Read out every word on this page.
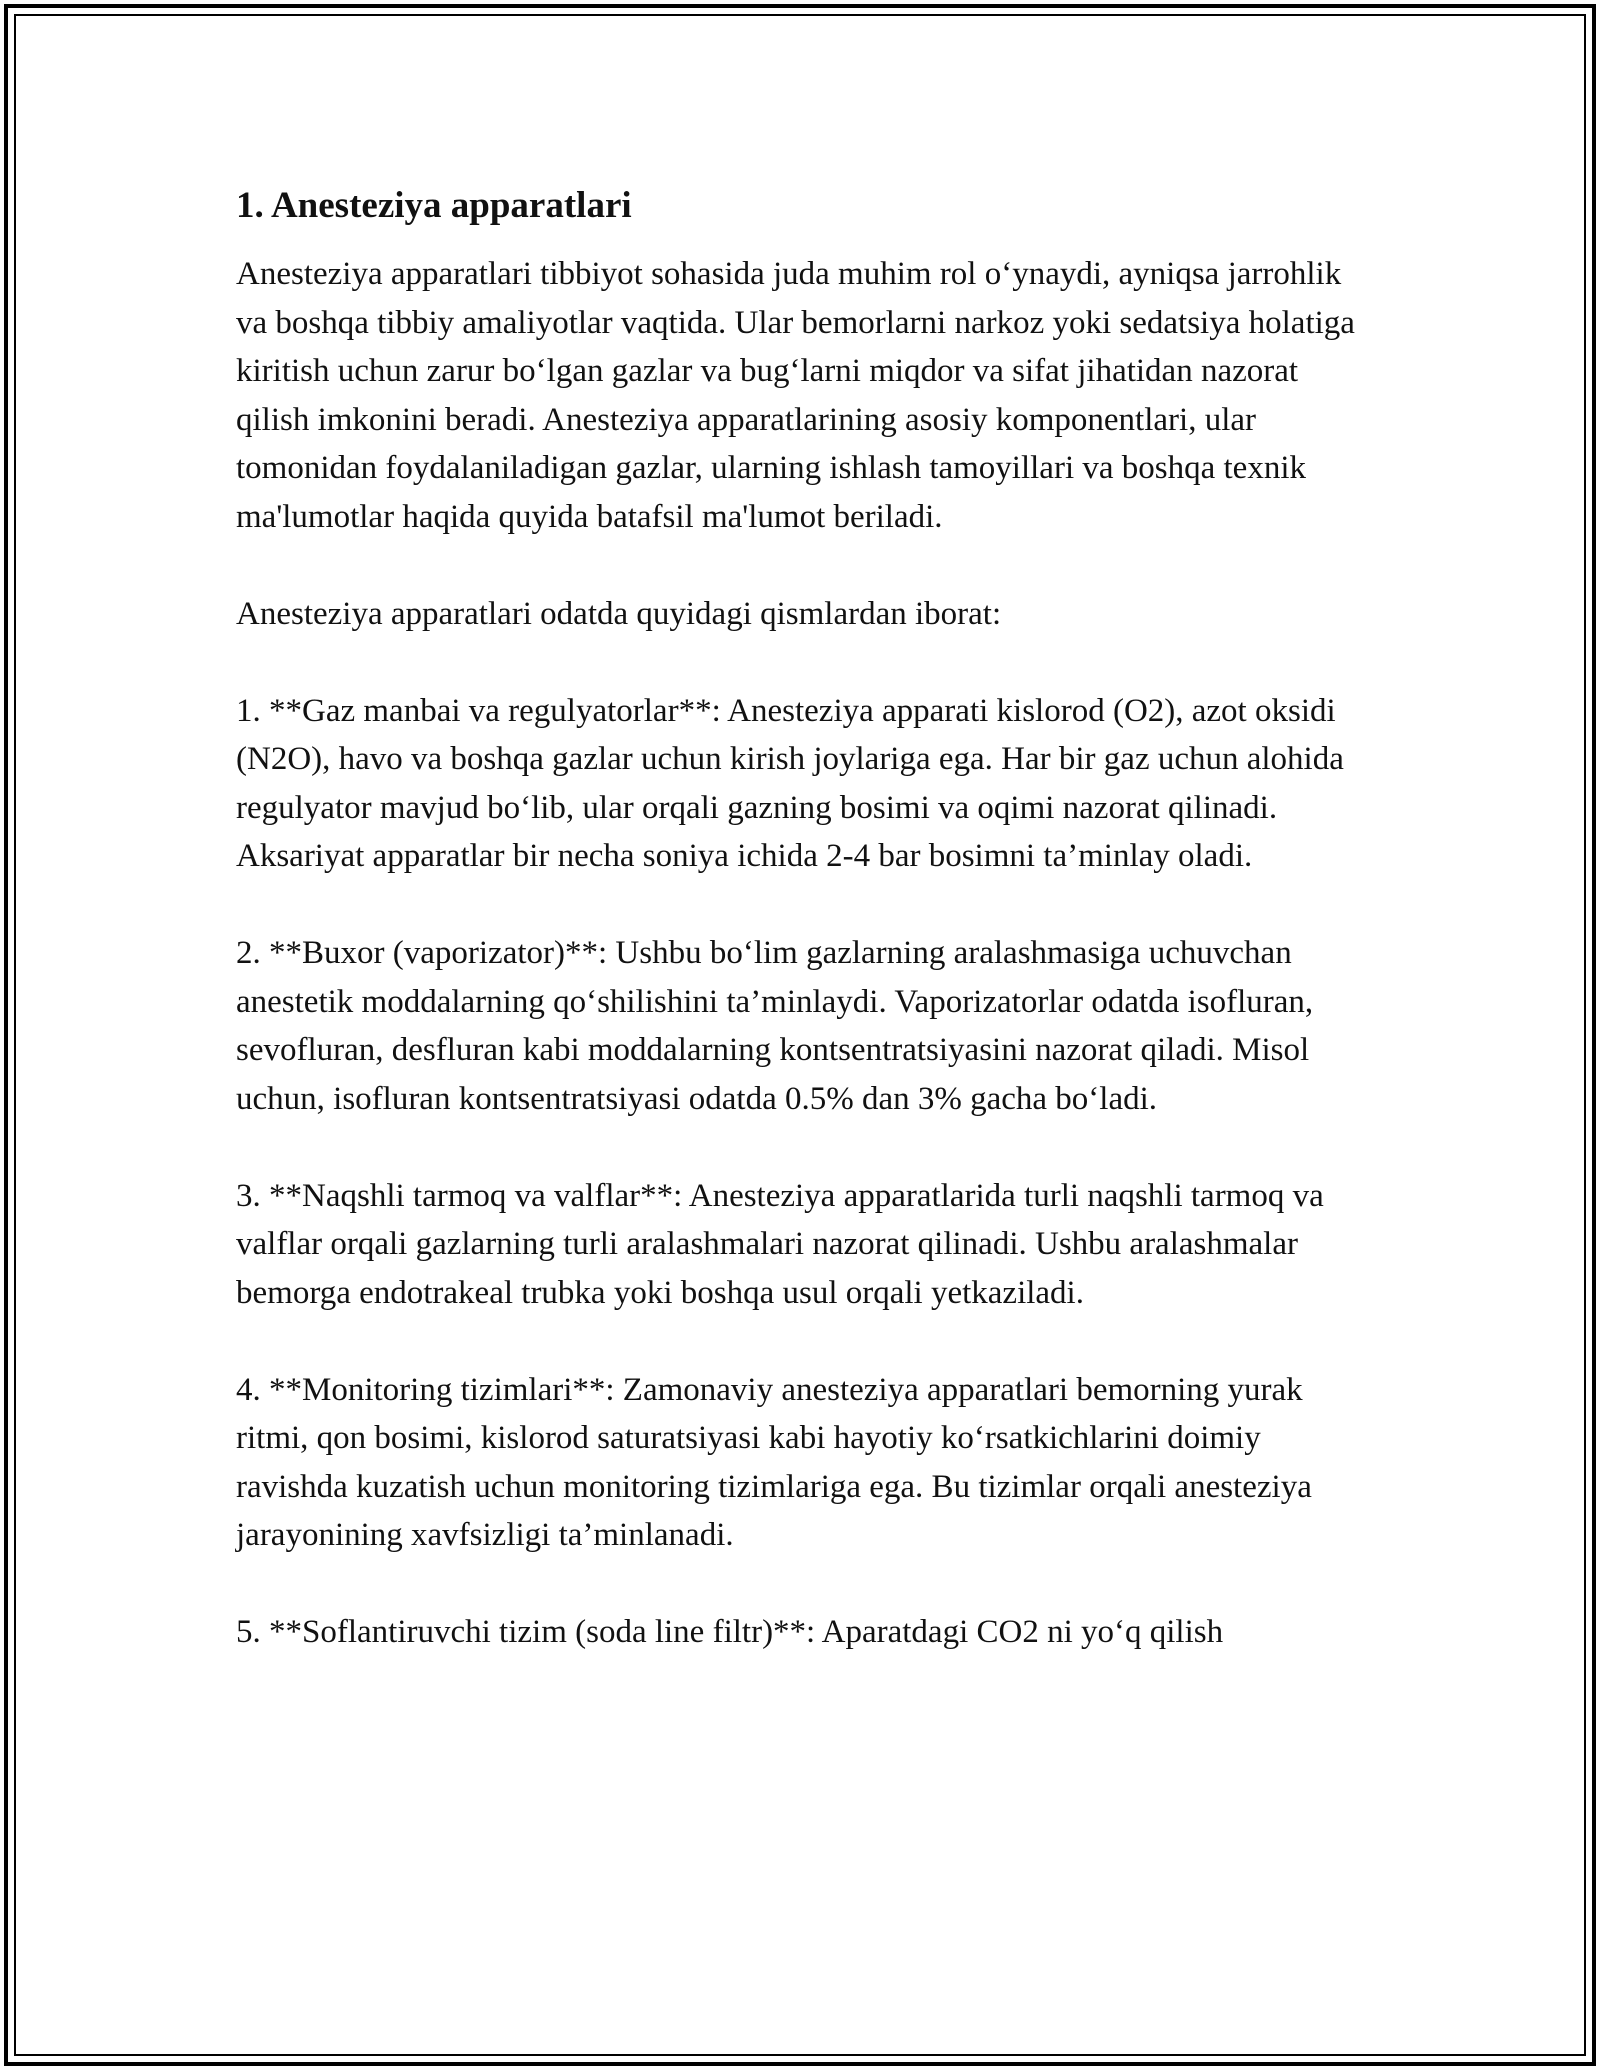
1. Anesteziya apparatlari

Anesteziya apparatlari tibbiyot sohasida juda muhim rol o‘ynaydi, ayniqsa jarrohlik va boshqa tibbiy amaliyotlar vaqtida. Ular bemorlarni narkoz yoki sedatsiya holatiga kiritish uchun zarur bo‘lgan gazlar va bug‘larni miqdor va sifat jihatidan nazorat qilish imkonini beradi. Anesteziya apparatlarining asosiy komponentlari, ular tomonidan foydalaniladigan gazlar, ularning ishlash tamoyillari va boshqa texnik ma'lumotlar haqida quyida batafsil ma'lumot beriladi.

Anesteziya apparatlari odatda quyidagi qismlardan iborat:

1. **Gaz manbai va regulyatorlar**: Anesteziya apparati kislorod (O2), azot oksidi (N2O), havo va boshqa gazlar uchun kirish joylariga ega. Har bir gaz uchun alohida regulyator mavjud bo‘lib, ular orqali gazning bosimi va oqimi nazorat qilinadi. Aksariyat apparatlar bir necha soniya ichida 2-4 bar bosimni ta’minlay oladi.

2. **Buxor (vaporizator)**: Ushbu bo‘lim gazlarning aralashmasiga uchuvchan anestetik moddalarning qo‘shilishini ta’minlaydi. Vaporizatorlar odatda isofluran, sevofluran, desfluran kabi moddalarning kontsentratsiyasini nazorat qiladi. Misol uchun, isofluran kontsentratsiyasi odatda 0.5% dan 3% gacha bo‘ladi.

3. **Naqshli tarmoq va valflar**: Anesteziya apparatlarida turli naqshli tarmoq va valflar orqali gazlarning turli aralashmalari nazorat qilinadi. Ushbu aralashmalar bemorga endotrakeal trubka yoki boshqa usul orqali yetkaziladi.

4. **Monitoring tizimlari**: Zamonaviy anesteziya apparatlari bemorning yurak ritmi, qon bosimi, kislorod saturatsiyasi kabi hayotiy ko‘rsatkichlarini doimiy ravishda kuzatish uchun monitoring tizimlariga ega. Bu tizimlar orqali anesteziya jarayonining xavfsizligi ta’minlanadi.

5. **Soflantiruvchi tizim (soda line filtr)**: Aparatdagi CO2 ni yo‘q qilish
